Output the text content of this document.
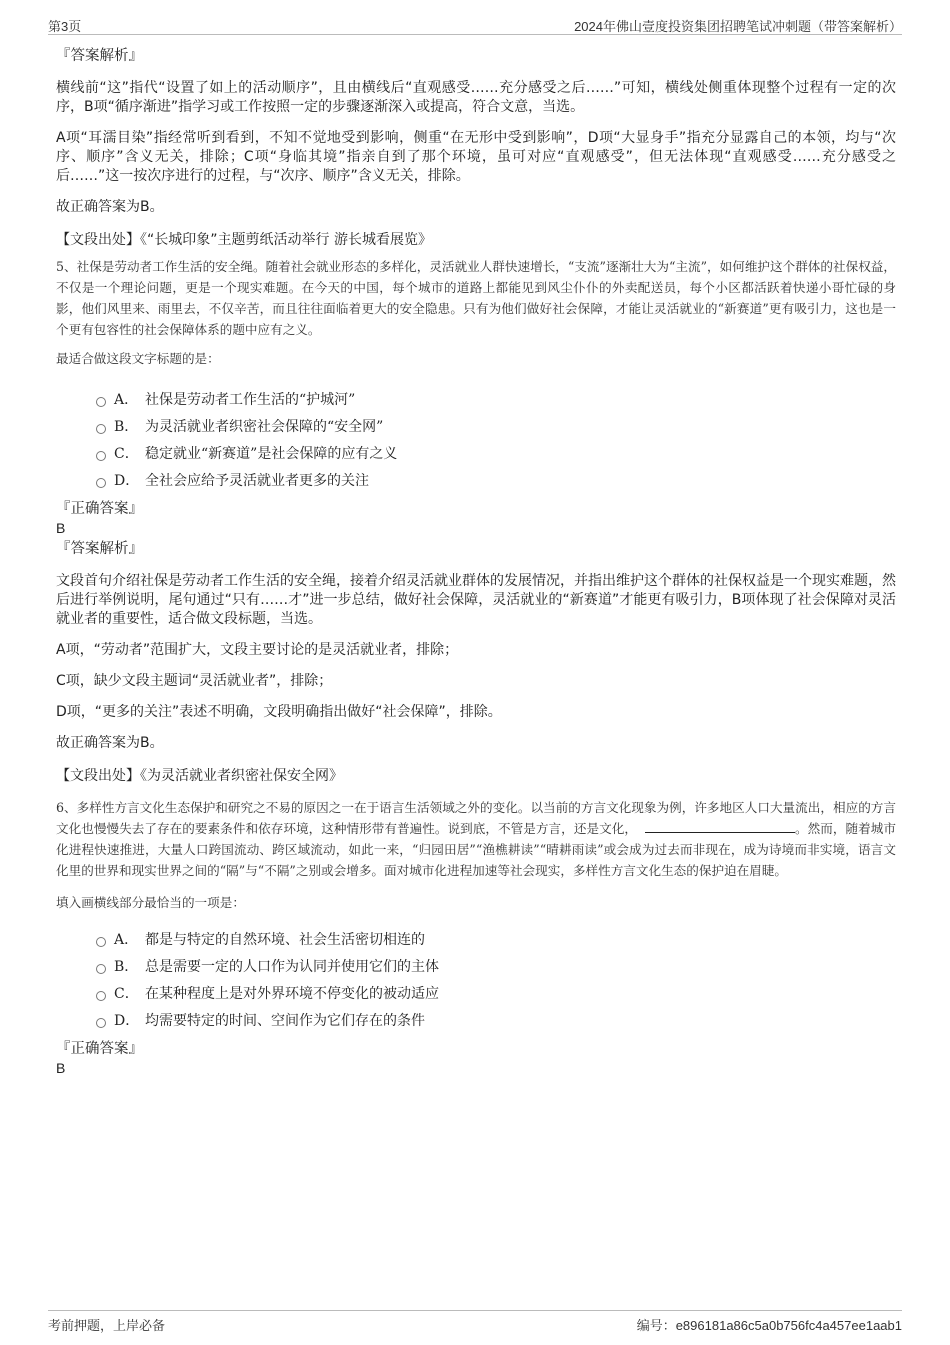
第3页	2024年佛山壹度投资集团招聘笔试冲刺题（带答案解析）

『答案解析』

横线前“这”指代“设置了如上的活动顺序”，且由横线后“直观感受……充分感受之后……”可知，横线处侧重体现整个过程有一定的次序，B项“循序渐进”指学习或工作按照一定的步骤逐渐深入或提高，符合文意，当选。

A项“耳濡目染”指经常听到看到，不知不觉地受到影响，侧重“在无形中受到影响”，D项“大显身手”指充分显露自己的本领，均与“次序、顺序”含义无关，排除；C项“身临其境”指亲自到了那个环境，虽可对应“直观感受”，但无法体现“直观感受……充分感受之后……”这一按次序进行的过程，与“次序、顺序”含义无关，排除。

故正确答案为B。

【文段出处】《“长城印象”主题剪纸活动举行 游长城看展览》

5、社保是劳动者工作生活的安全绳。随着社会就业形态的多样化，灵活就业人群快速增长，“支流”逐渐壮大为“主流”，如何维护这个群体的社保权益，不仅是一个理论问题，更是一个现实难题。在今天的中国，每个城市的道路上都能见到风尘仆仆的外卖配送员，每个小区都活跃着快递小哥忙碌的身影，他们风里来、雨里去，不仅辛苦，而且往往面临着更大的安全隐患。只有为他们做好社会保障，才能让灵活就业的“新赛道”更有吸引力，这也是一个更有包容性的社会保障体系的题中应有之义。

最适合做这段文字标题的是：

A． 社保是劳动者工作生活的“护城河”
B． 为灵活就业者织密社会保障的“安全网”
C． 稳定就业“新赛道”是社会保障的应有之义
D． 全社会应给予灵活就业者更多的关注

『正确答案』

B

『答案解析』

文段首句介绍社保是劳动者工作生活的安全绳，接着介绍灵活就业群体的发展情况，并指出维护这个群体的社保权益是一个现实难题，然后进行举例说明，尾句通过“只有……才”进一步总结，做好社会保障，灵活就业的“新赛道”才能更有吸引力，B项体现了社会保障对灵活就业者的重要性，适合做文段标题，当选。

A项，“劳动者”范围扩大，文段主要讨论的是灵活就业者，排除；

C项，缺少文段主题词“灵活就业者”，排除；

D项，“更多的关注”表述不明确，文段明确指出做好“社会保障”，排除。

故正确答案为B。

【文段出处】《为灵活就业者织密社保安全网》

6、多样性方言文化生态保护和研究之不易的原因之一在于语言生活领域之外的变化。以当前的方言文化现象为例，许多地区人口大量流出，相应的方言文化也慢慢失去了存在的要素条件和依存环境，这种情形带有普遍性。说到底，不管是方言，还是文化，	。然而，随着城市化进程快速推进，大量人口跨国流动、跨区域流动，如此一来，“归园田居”“渔樵耕读”“晴耕雨读”或会成为过去而非现在，成为诗境而非实境，语言文化里的世界和现实世界之间的“隔”与“不隔”之别或会增多。面对城市化进程加速等社会现实，多样性方言文化生态的保护迫在眉睫。

填入画横线部分最恰当的一项是：

A． 都是与特定的自然环境、社会生活密切相连的
B． 总是需要一定的人口作为认同并使用它们的主体
C． 在某种程度上是对外界环境不停变化的被动适应
D． 均需要特定的时间、空间作为它们存在的条件

『正确答案』

B

考前押题，上岸必备	编号：e896181a86c5a0b756fc4a457ee1aab1
